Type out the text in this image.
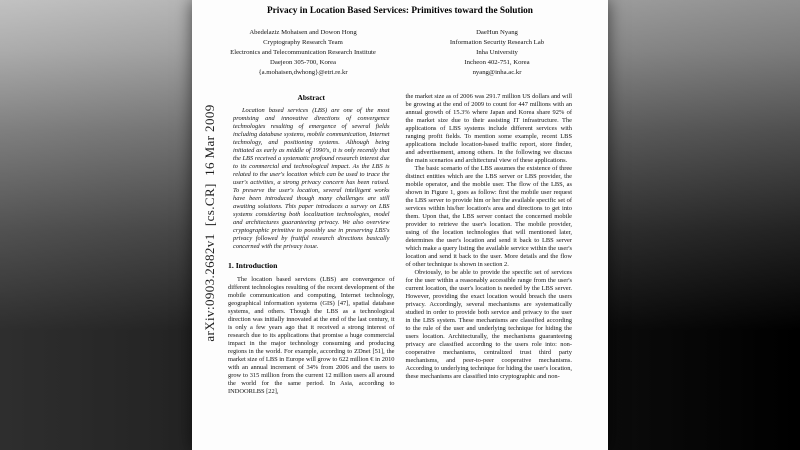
arXiv:0903.2682v1  [cs.CR]  16 Mar 2009
Privacy in Location Based Services: Primitives toward the Solution
Abedelaziz Mohaisen and Dowon Hong
Cryptography Research Team
Electronics and Telecommunication Research Institute
Daejeon 305-700, Korea
{a.mohaisen,dwhong}@etri.re.kr
DaeHun Nyang
Information Security Research Lab
Inha University
Incheon 402-751, Korea
nyang@inha.ac.kr
Abstract

Location based services (LBS) are one of the most promising and innovative directions of convergence technologies resulting of emergence of several fields including database systems, mobile communication, Internet technology, and positioning systems. Although being initiated as early as middle of 1990's, it is only recently that the LBS received a systematic profound research interest due to its commercial and technological impact. As the LBS is related to the user's location which can be used to trace the user's activities, a strong privacy concern has been raised. To preserve the user's location, several intelligent works have been introduced though many challenges are still awaiting solutions. This paper introduces a survey on LBS systems considering both localization technologies, model and architectures guaranteeing privacy. We also overview cryptographic primitive to possibly use in preserving LBS's privacy followed by fruitful research directions basically concerned with the privacy issue.

1. Introduction

The location based services (LBS) are convergence of different technologies resulting of the recent development of the mobile communication and computing, Internet technology, geographical information systems (GIS) [47], spatial database systems, and others. Though the LBS as a technological direction was initially innovated at the end of the last century, it is only a few years ago that it received a strong interest of research due to its applications that promise a huge commercial impact in the major technology consuming and producing regions in the world. For example, according to ZDnet [51], the market size of LBS in Europe will grow to 622 million € in 2010 with an annual increment of 34% from 2006 and the users to grow to 315 million from the current 12 million users all around the world for the same period. In Asia, according to INDOORLBS [22],

the market size as of 2006 was 291.7 million US dollars and will be growing at the end of 2009 to count for 447 millions with an annual growth of 15.3% where Japan and Korea share 92% of the market size due to their assisting IT infrastructure. The applications of LBS systems include different services with ranging profit fields. To mention some example, recent LBS applications include location-based traffic report, store finder, and advertisement, among others. In the following we discuss the main scenarios and architectural view of these applications.

The basic scenario of the LBS assumes the existence of three distinct entities which are the LBS server or LBS provider, the mobile operator, and the mobile user. The flow of the LBS, as shown in Figure 1, goes as follow: first the mobile user request the LBS server to provide him or her the available specific set of services within his/her location's area and directions to get into them. Upon that, the LBS server contact the concerned mobile provider to retrieve the user's location. The mobile provider, using of the location technologies that will mentioned later, determines the user's location and send it back to LBS server which make a query listing the available service within the user's location and send it back to the user. More details and the flow of other technique is shown in section 2.

Obviously, to be able to provide the specific set of services for the user within a reasonably accessible range from the user's current location, the user's location is needed by the LBS server. However, providing the exact location would breach the users privacy. Accordingly, several mechanisms are systematically studied in order to provide both service and privacy to the user in the LBS system. These mechanisms are classified according to the rule of the user and underlying technique for hiding the users location. Architecturally, the mechanisms guaranteeing privacy are classified according to the users role into: non-cooperative mechanisms, centralized trust third party mechanisms, and peer-to-peer cooperative mechanisms. According to underlying technique for hiding the user's location, these mechanisms are classified into cryptographic and non-
